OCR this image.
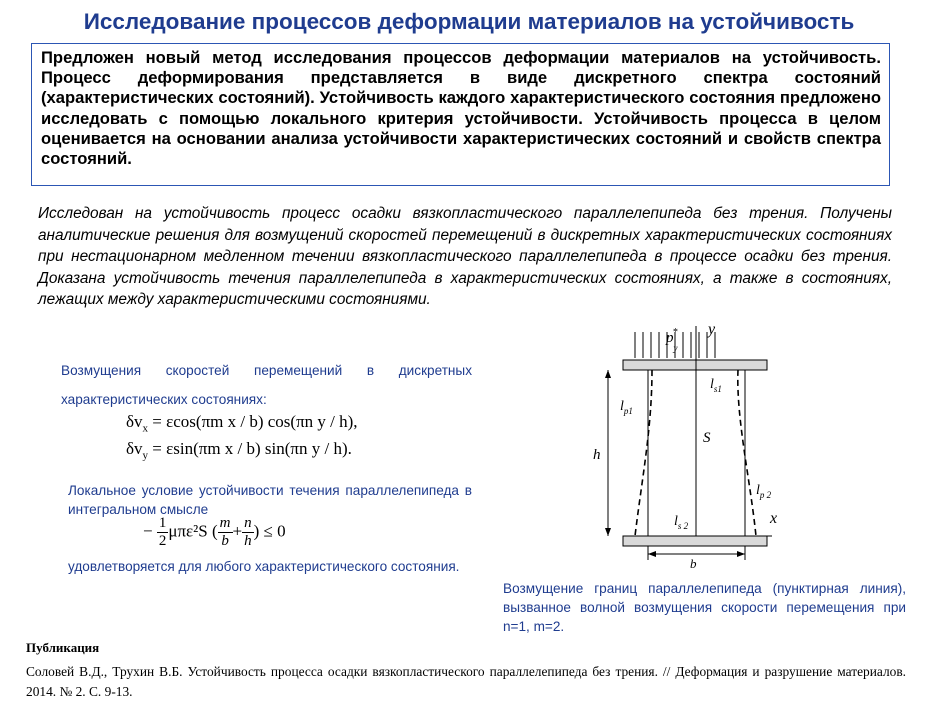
Исследование процессов деформации материалов на устойчивость
Предложен новый метод исследования процессов деформации материалов на устойчивость. Процесс деформирования представляется в виде дискретного спектра состояний (характеристических состояний). Устойчивость каждого характеристического состояния предложено исследовать с помощью локального критерия устойчивости. Устойчивость процесса в целом оценивается на основании анализа устойчивости характеристических состояний и свойств спектра состояний.
Исследован на устойчивость процесс осадки вязкопластического параллелепипеда без трения. Получены аналитические решения для возмущений скоростей перемещений в дискретных характеристических состояниях при нестационарном медленном течении вязкопластического параллелепипеда в процессе осадки без трения. Доказана устойчивость течения параллелепипеда в характеристических состояниях, а также в состояниях, лежащих между характеристическими состояниями.
Возмущения скоростей перемещений в дискретных характеристических состояниях:
$\delta v_x = \varepsilon\cos(\pi m$ x / b) cos(πn y / h),
$\delta v_y = \varepsilon\sin(\pi m$ x / b) sin(πn y / h).
Локальное условие устойчивости течения параллелепипеда в интегральном смысле
− $\frac{1}{2} \mu\pi\varepsilon^2S$ ( $\frac{m}{b} + \frac{n}{h}$ ) ≤ 0
удовлетворяется для любого характеристического состояния.
$p_y*$ y
x
$l_{p1}$
$l_{s1}$
S
h
$l_{p 2}$
$l_{s 2}$
b
Возмущение границ параллелепипеда (пунктирная линия), вызванное волной возмущения скорости перемещения при n=1, m=2.
Публикация
Соловей В.Д., Трухин В.Б. Устойчивость процесса осадки вязкопластического параллелепипеда без трения. // Деформация и разрушение материалов. 2014. № 2. С. 9-13.
